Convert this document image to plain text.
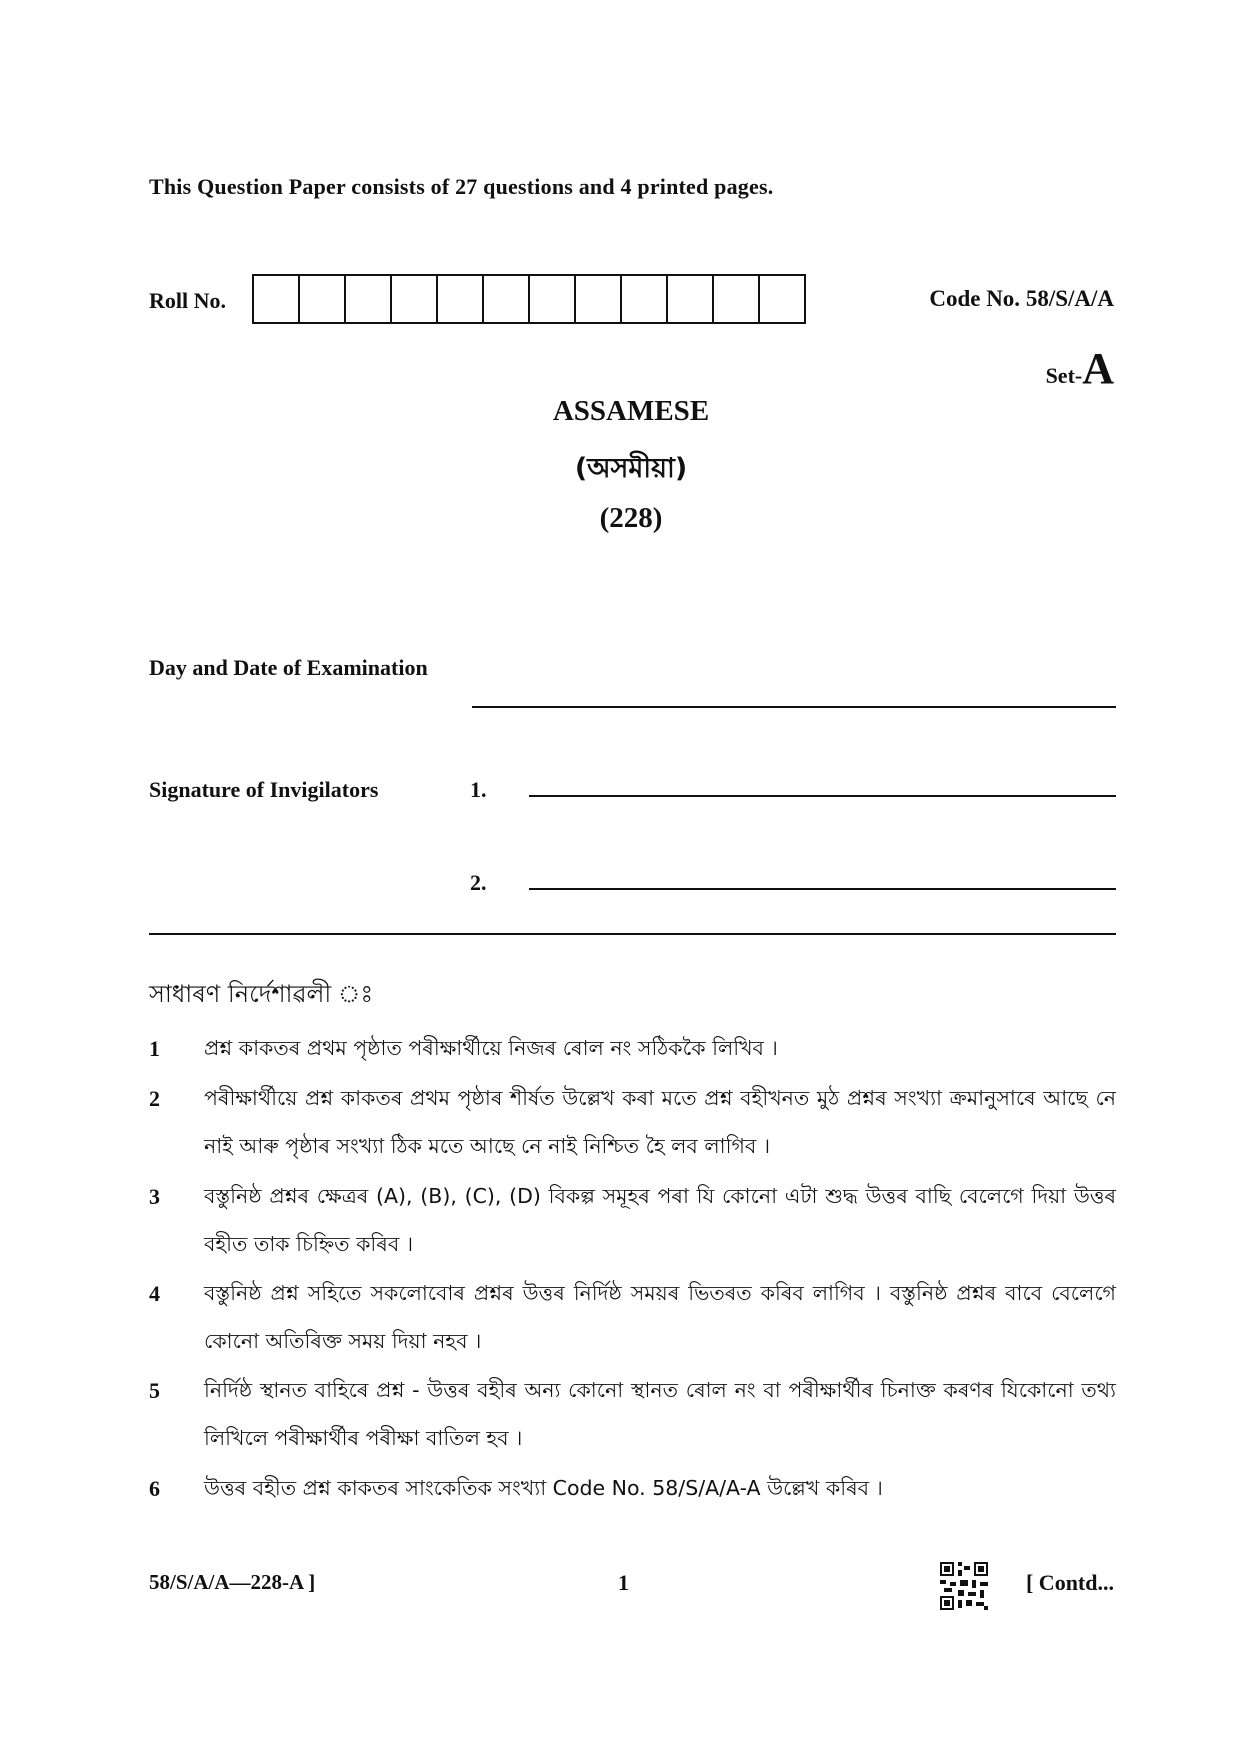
This Question Paper consists of 27 questions and 4 printed pages.
Roll No.	Code No. 58/S/A/A
Set-A
ASSAMESE
(অসমীয়া)
(228)
Day and Date of Examination
Signature of Invigilators	1.
2.
সাধাৰণ নিৰ্দেশাৱলী ঃ
1 প্ৰশ্ন কাকতৰ প্ৰথম পৃষ্ঠাত পৰীক্ষাৰ্থীয়ে নিজৰ ৰোল নং সঠিককৈ লিখিব ।
2 পৰীক্ষাৰ্থীয়ে প্ৰশ্ন কাকতৰ প্ৰথম পৃষ্ঠাৰ শীৰ্ষত উল্লেখ কৰা মতে প্ৰশ্ন বহীখনত মুঠ প্ৰশ্নৰ সংখ্যা ক্ৰমানুসাৰে আছে নে নাই আৰু পৃষ্ঠাৰ সংখ্যা ঠিক মতে আছে নে নাই নিশ্চিত হৈ লব লাগিব ।
3 বস্তুনিষ্ঠ প্ৰশ্নৰ ক্ষেত্ৰৰ (A), (B), (C), (D) বিকল্প সমূহৰ পৰা যি কোনো এটা শুদ্ধ উত্তৰ বাছি বেলেগে দিয়া উত্তৰ বহীত তাক চিহ্নিত কৰিব ।
4 বস্তুনিষ্ঠ প্ৰশ্ন সহিতে সকলোবোৰ প্ৰশ্নৰ উত্তৰ নিৰ্দিষ্ঠ সময়ৰ ভিতৰত কৰিব লাগিব । বস্তুনিষ্ঠ প্ৰশ্নৰ বাবে বেলেগে কোনো অতিৰিক্ত সময় দিয়া নহব ।
5 নিৰ্দিষ্ঠ স্থানত বাহিৰে প্ৰশ্ন - উত্তৰ বহীৰ অন্য কোনো স্থানত ৰোল নং বা পৰীক্ষাৰ্থীৰ চিনাক্ত কৰণৰ যিকোনো তথ্য লিখিলে পৰীক্ষাৰ্থীৰ পৰীক্ষা বাতিল হব ।
6 উত্তৰ বহীত প্ৰশ্ন কাকতৰ সাংকেতিক সংখ্যা Code No. 58/S/A/A-A উল্লেখ কৰিব ।
58/S/A/A—228-A ]	1	[ Contd...
